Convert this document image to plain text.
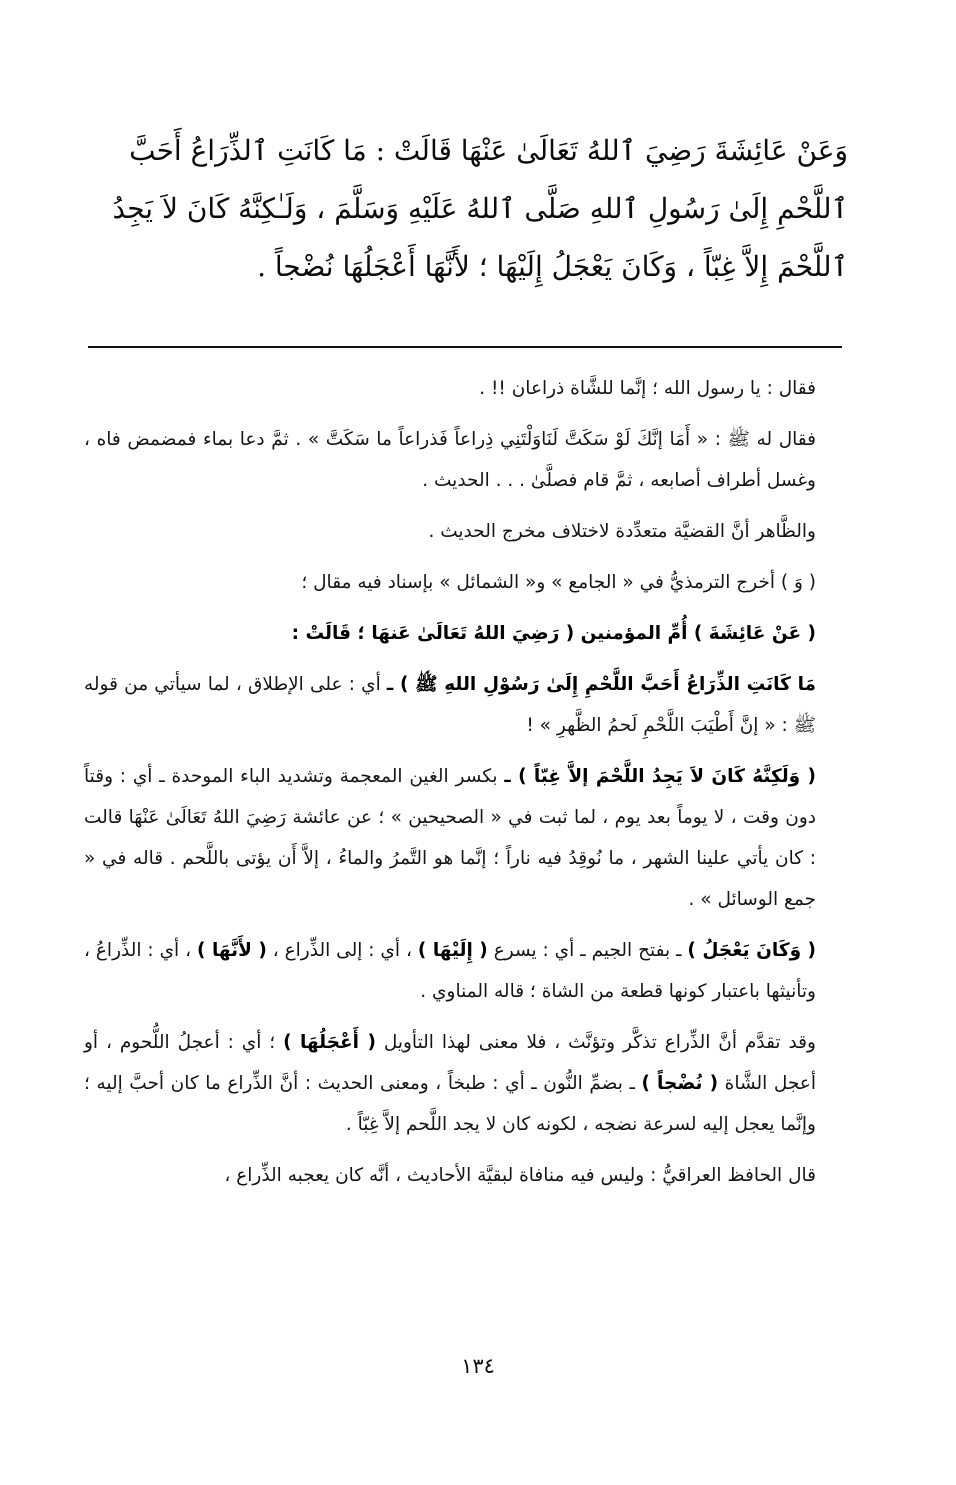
وَعَنْ عَائِشَةَ رَضِيَ ٱللهُ تَعَالَىٰ عَنْهَا قَالَتْ : مَا كَانَتِ ٱلذِّرَاعُ أَحَبَّ

ٱللَّحْمِ إِلَىٰ رَسُولِ ٱللهِ صَلَّى ٱللهُ عَلَيْهِ وَسَلَّمَ ، وَلَـٰكِنَّهُ كَانَ لاَ يَجِدُ

ٱللَّحْمَ إِلاَّ غِبّاً ، وَكَانَ يَعْجَلُ إِلَيْهَا ؛ لأَنَّهَا أَعْجَلُهَا نُضْجاً .

فقال : يا رسول الله ؛ إنَّما للشَّاة ذراعان !! .

فقال له ﷺ : « أَمَا إنَّكَ لَوْ سَكَتَّ لَنَاوَلْتَنِي ذِراعاً فَذراعاً ما سَكَتَّ » . ثمَّ دعا بماء فمضمض فاه ، وغسل أطراف أصابعه ، ثمَّ قام فصلَّىٰ . . . الحديث .

والظَّاهر أنَّ القضيَّة متعدِّدة لاختلاف مخرج الحديث .

( وَ ) أخرج الترمذيُّ في « الجامع » و« الشمائل » بإسناد فيه مقال ؛

( عَنْ عَائِشَةَ ) أُمِّ المؤمنين ( رَضِيَ اللهُ تَعَالَىٰ عَنهَا ؛ قَالَتْ :

مَا كَانَتِ الذِّرَاعُ أَحَبَّ اللَّحْمِ إِلَىٰ رَسُوْلِ اللهِ ﷺ ) ـ أي : على الإطلاق ، لما سيأتي من قوله ﷺ : « إنَّ أَطْيَبَ اللَّحْمِ لَحمُ الظَّهرِ » !

( وَلَكِنَّهُ كَانَ لاَ يَجِدُ اللَّحْمَ إلاَّ غِبّاً ) ـ بكسر الغين المعجمة وتشديد الباء الموحدة ـ أي : وقتاً دون وقت ، لا يوماً بعد يوم ، لما ثبت في « الصحيحين » ؛ عن عائشة رَضِيَ اللهُ تَعَالَىٰ عَنْهَا قالت : كان يأتي علينا الشهر ، ما نُوقِدُ فيه ناراً ؛ إنَّما هو التَّمرُ والماءُ ، إلاَّ أَن يؤتى باللَّحم . قاله في « جمع الوسائل » .

( وَكَانَ يَعْجَلُ ) ـ بفتح الجيم ـ أي : يسرع ( إِلَيْهَا ) ، أي : إلى الذِّراع ، ( لأَنَّهَا ) ، أي : الذِّراعُ ، وتأنيثها باعتبار كونها قطعة من الشاة ؛ قاله المناوي .

وقد تقدَّم أنَّ الذِّراع تذكَّر وتؤنَّث ، فلا معنى لهذا التأويل ( أَعْجَلُهَا ) ؛ أي : أعجلُ اللُّحوم ، أو أعجل الشَّاة ( نُضْجاً ) ـ بضمِّ النُّون ـ أي : طبخاً ، ومعنى الحديث : أنَّ الذِّراع ما كان أحبَّ إليه ؛ وإنَّما يعجل إليه لسرعة نضجه ، لكونه كان لا يجد اللَّحم إلاَّ غِبّاً .

قال الحافظ العراقيُّ : وليس فيه منافاة لبقيَّة الأحاديث ، أنَّه كان يعجبه الذِّراع ،

١٣٤
